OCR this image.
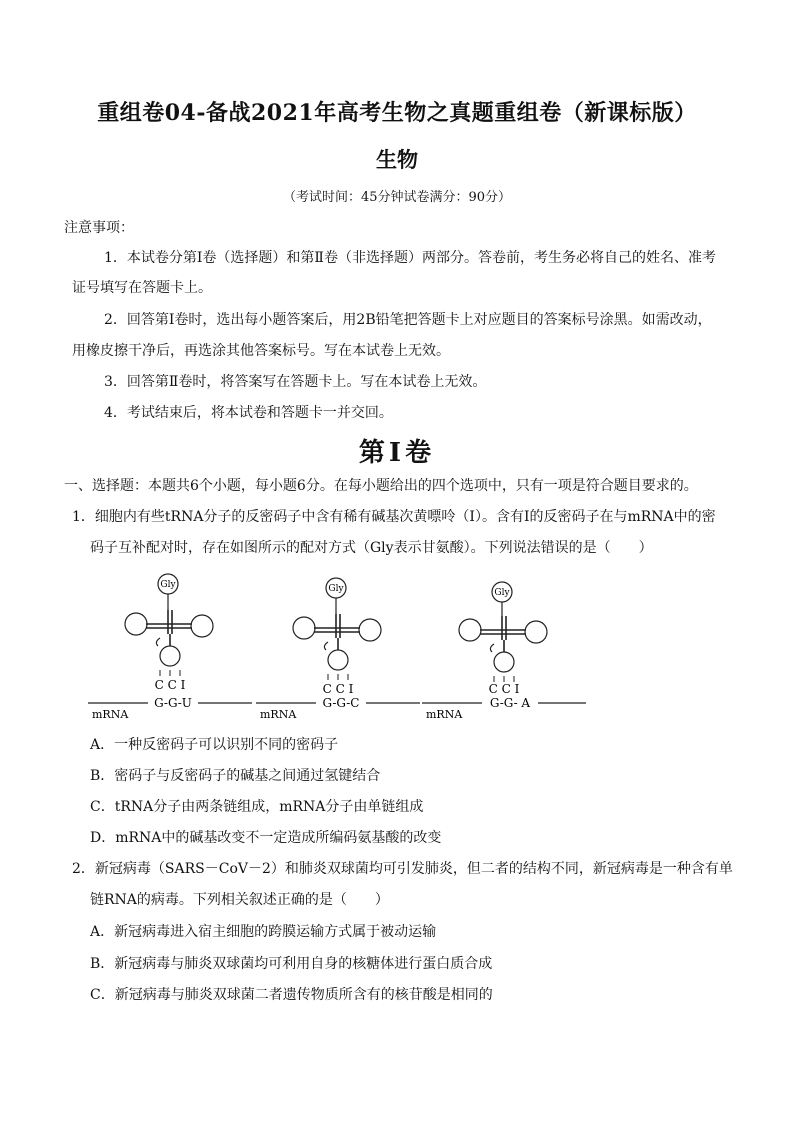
重组卷04-备战2021年高考生物之真题重组卷（新课标版）
生物
（考试时间：45分钟试卷满分：90分）
注意事项：
1．本试卷分第Ⅰ卷（选择题）和第Ⅱ卷（非选择题）两部分。答卷前，考生务必将自己的姓名、准考
证号填写在答题卡上。
2．回答第Ⅰ卷时，选出每小题答案后，用2B铅笔把答题卡上对应题目的答案标号涂黑。如需改动，
用橡皮擦干净后，再选涂其他答案标号。写在本试卷上无效。
3．回答第Ⅱ卷时，将答案写在答题卡上。写在本试卷上无效。
4．考试结束后，将本试卷和答题卡一并交回。
第Ⅰ卷
一、选择题：本题共6个小题，每小题6分。在每小题给出的四个选项中，只有一项是符合题目要求的。
1．细胞内有些tRNA分子的反密码子中含有稀有碱基次黄嘌呤（I）。含有I的反密码子在与mRNA中的密
码子互补配对时，存在如图所示的配对方式（Gly表示甘氨酸）。下列说法错误的是（　　）
Gly
C C I
G-G-U
mRNA
Gly
C C I
G-G-C
mRNA
Gly
C C I
G-G- A
mRNA
A．一种反密码子可以识别不同的密码子
B．密码子与反密码子的碱基之间通过氢键结合
C．tRNA分子由两条链组成，mRNA分子由单链组成
D．mRNA中的碱基改变不一定造成所编码氨基酸的改变
2．新冠病毒（SARS－CoV－2）和肺炎双球菌均可引发肺炎，但二者的结构不同，新冠病毒是一种含有单
链RNA的病毒。下列相关叙述正确的是（　　）
A．新冠病毒进入宿主细胞的跨膜运输方式属于被动运输
B．新冠病毒与肺炎双球菌均可利用自身的核糖体进行蛋白质合成
C．新冠病毒与肺炎双球菌二者遗传物质所含有的核苷酸是相同的
